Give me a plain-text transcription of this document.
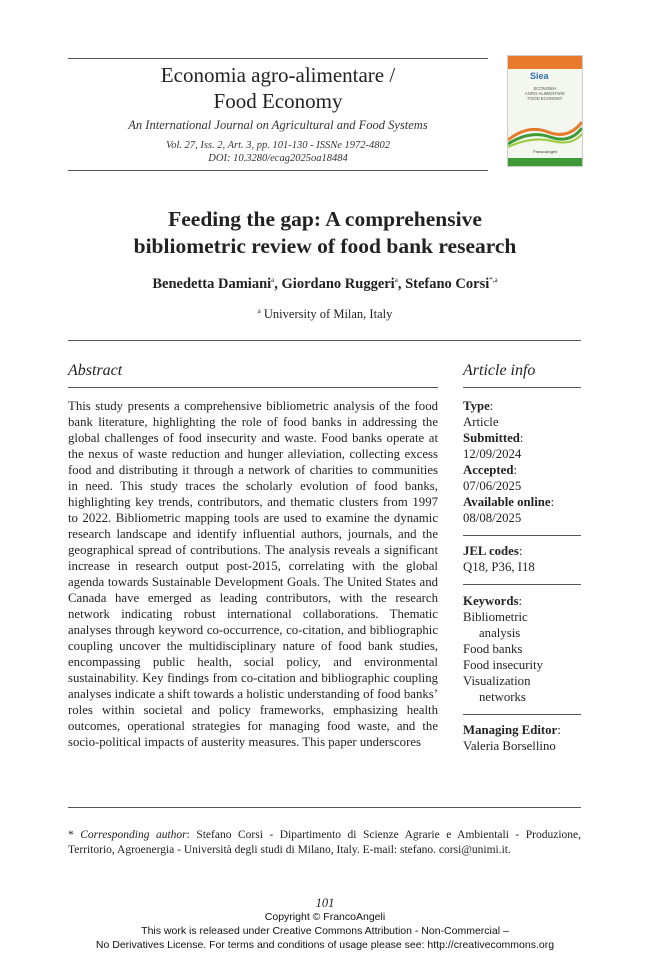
Economia agro-alimentare /
Food Economy
An International Journal on Agricultural and Food Systems
Vol. 27, Iss. 2, Art. 3, pp. 101-130 - ISSNe 1972-4802
DOI: 10.3280/ecag2025oa18484
Siea
ECONOMIA
AGRO-ALIMENTARE
FOOD ECONOMY
FrancoAngeli
Feeding the gap: A comprehensive
bibliometric review of food bank research
Benedetta Damiani$^a$, Giordano Ruggeri$^a$, Stefano Corsi$^{*,a}$
$^a$ University of Milan, Italy
Abstract
This study presents a comprehensive bibliometric analysis of the food bank literature, highlighting the role of food banks in addressing the global challenges of food insecurity and waste. Food banks operate at the nexus of waste reduction and hunger alleviation, collecting excess food and distributing it through a network of charities to communities in need. This study traces the scholarly evolution of food banks, highlighting key trends, contributors, and thematic clusters from 1997 to 2022. Bibliometric mapping tools are used to examine the dynamic research landscape and identify influential authors, journals, and the geographical spread of contributions. The analysis reveals a significant increase in research output post-2015, correlating with the global agenda towards Sustainable Development Goals. The United States and Canada have emerged as leading contributors, with the research network indicating robust international collaborations. Thematic analyses through keyword co-occurrence, co-citation, and bibliographic coupling uncover the multidisciplinary nature of food bank studies, encompassing public health, social policy, and environmental sustainability. Key findings from co-citation and bibliographic coupling analyses indicate a shift towards a holistic understanding of food banks’ roles within societal and policy frameworks, emphasizing health outcomes, operational strategies for managing food waste, and the socio-political impacts of austerity measures. This paper underscores
Article info
Type:
Article
Submitted:
12/09/2024
Accepted:
07/06/2025
Available online:
08/08/2025
JEL codes:
Q18, P36, I18
Keywords:
Bibliometric
analysis
Food banks
Food insecurity
Visualization
networks
Managing Editor:
Valeria Borsellino
* Corresponding author: Stefano Corsi - Dipartimento di Scienze Agrarie e Ambientali - Produzione, Territorio, Agroenergia - Università degli studi di Milano, Italy. E-mail: stefano. corsi@unimi.it.
101
Copyright © FrancoAngeli
This work is released under Creative Commons Attribution - Non-Commercial –
No Derivatives License. For terms and conditions of usage please see: http://creativecommons.org
